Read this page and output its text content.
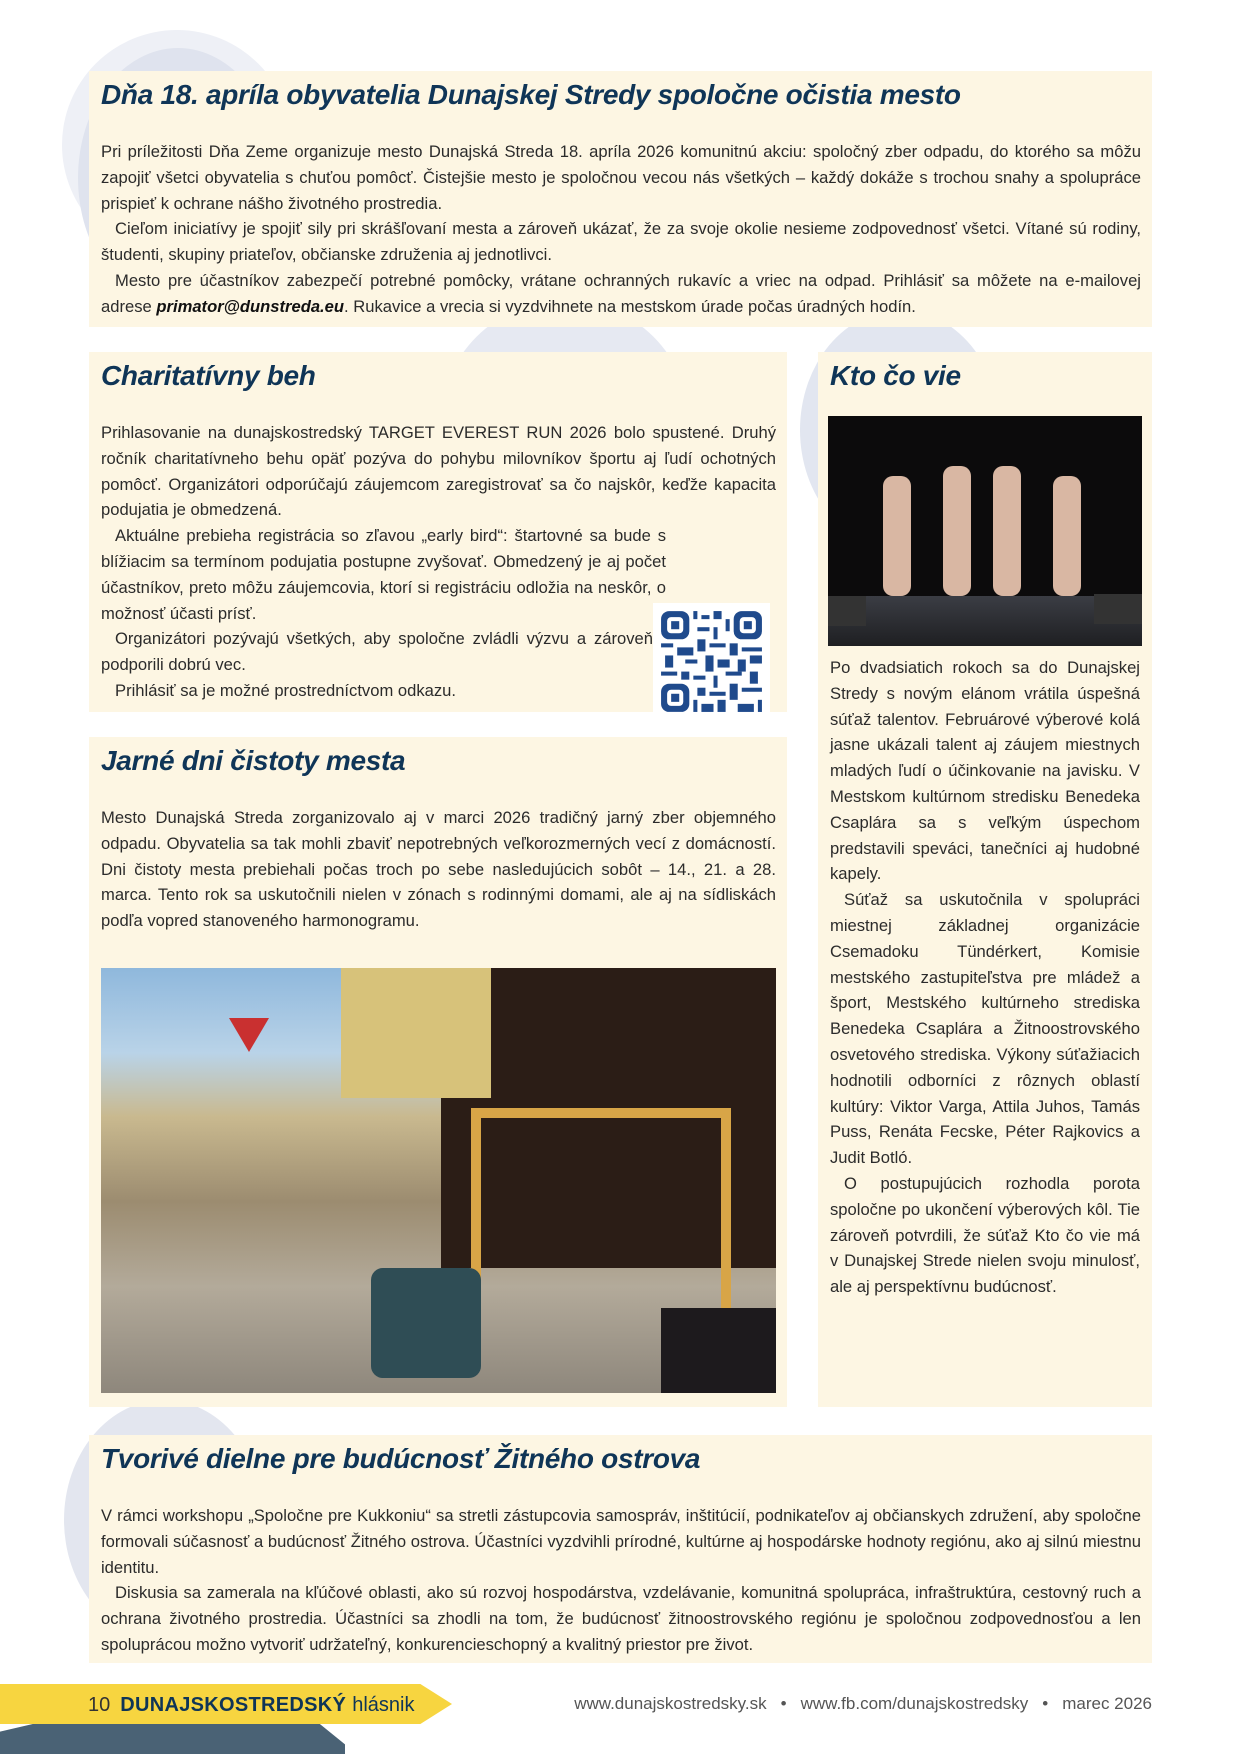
Dňa 18. apríla obyvatelia Dunajskej Stredy spoločne očistia mesto

Pri príležitosti Dňa Zeme organizuje mesto Dunajská Streda 18. apríla 2026 komunitnú akciu: spoločný zber odpadu, do ktorého sa môžu zapojiť všetci obyvatelia s chuťou pomôcť. Čistejšie mesto je spoločnou vecou nás všetkých – každý dokáže s trochou snahy a spolupráce prispieť k ochrane nášho životného prostredia.

Cieľom iniciatívy je spojiť sily pri skrášľovaní mesta a zároveň ukázať, že za svoje okolie nesieme zodpovednosť všetci. Vítané sú rodiny, študenti, skupiny priateľov, občianske združenia aj jednotlivci.

Mesto pre účastníkov zabezpečí potrebné pomôcky, vrátane ochranných rukavíc a vriec na odpad. Prihlásiť sa môžete na e-mailovej adrese primator@dunstreda.eu. Rukavice a vrecia si vyzdvihnete na mestskom úrade počas úradných hodín.

Charitatívny beh

Prihlasovanie na dunajskostredský TARGET EVEREST RUN 2026 bolo spustené. Druhý ročník charitatívneho behu opäť pozýva do pohybu milovníkov športu aj ľudí ochotných pomôcť. Organizátori odporúčajú záujemcom zaregistrovať sa čo najskôr, keďže kapacita podujatia je obmedzená.

Aktuálne prebieha registrácia so zľavou „early bird“: štartovné sa bude s blížiacim sa termínom podujatia postupne zvyšovať. Obmedzený je aj počet účastníkov, preto môžu záujemcovia, ktorí si registráciu odložia na neskôr, o možnosť účasti prísť.

Organizátori pozývajú všetkých, aby spoločne zvládli výzvu a zároveň podporili dobrú vec.

Prihlásiť sa je možné prostredníctvom odkazu.

Jarné dni čistoty mesta

Mesto Dunajská Streda zorganizovalo aj v marci 2026 tradičný jarný zber objemného odpadu. Obyvatelia sa tak mohli zbaviť nepotrebných veľkorozmerných vecí z domácností. Dni čistoty mesta prebiehali počas troch po sebe nasledujúcich sobôt – 14., 21. a 28. marca. Tento rok sa uskutočnili nielen v zónach s rodinnými domami, ale aj na sídliskách podľa vopred stanoveného harmonogramu.

Kto čo vie

Po dvadsiatich rokoch sa do Dunajskej Stredy s novým elánom vrátila úspešná súťaž talentov. Februárové výberové kolá jasne ukázali talent aj záujem miestnych mladých ľudí o účinkovanie na javisku. V Mestskom kultúrnom stredisku Benedeka Csaplára sa s veľkým úspechom predstavili speváci, tanečníci aj hudobné kapely.

Súťaž sa uskutočnila v spolupráci miestnej základnej organizácie Csemadoku Tündérkert, Komisie mestského zastupiteľstva pre mládež a šport, Mestského kultúrneho strediska Benedeka Csaplára a Žitnoostrovského osvetového strediska. Výkony súťažiacich hodnotili odborníci z rôznych oblastí kultúry: Viktor Varga, Attila Juhos, Tamás Puss, Renáta Fecske, Péter Rajkovics a Judit Botló.

O postupujúcich rozhodla porota spoločne po ukončení výberových kôl. Tie zároveň potvrdili, že súťaž Kto čo vie má v Dunajskej Strede nielen svoju minulosť, ale aj perspektívnu budúcnosť.

Tvorivé dielne pre budúcnosť Žitného ostrova

V rámci workshopu „Spoločne pre Kukkoniu“ sa stretli zástupcovia samospráv, inštitúcií, podnikateľov aj občianskych združení, aby spoločne formovali súčasnosť a budúcnosť Žitného ostrova. Účastníci vyzdvihli prírodné, kultúrne aj hospodárske hodnoty regiónu, ako aj silnú miestnu identitu.

Diskusia sa zamerala na kľúčové oblasti, ako sú rozvoj hospodárstva, vzdelávanie, komunitná spolupráca, infraštruktúra, cestovný ruch a ochrana životného prostredia. Účastníci sa zhodli na tom, že budúcnosť žitnoostrovského regiónu je spoločnou zodpovednosťou a len spoluprácou možno vytvoriť udržateľný, konkurencieschopný a kvalitný priestor pre život.

10 DUNAJSKOSTREDSKÝ hlásnik	www.dunajskostredsky.sk • www.fb.com/dunajskostredsky • marec 2026
